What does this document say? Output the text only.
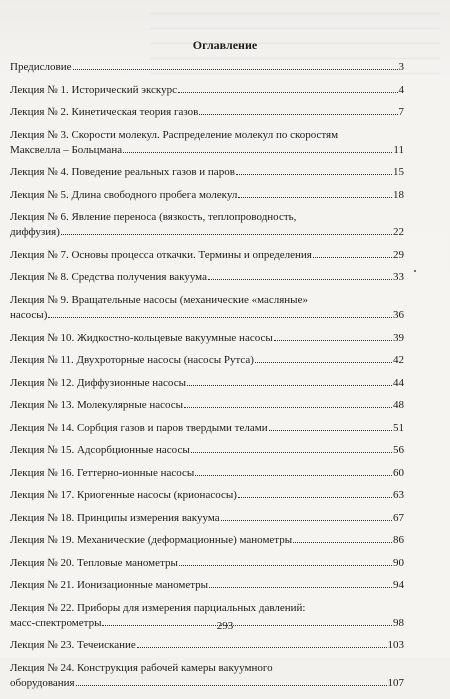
Оглавление
Предисловие	3
Лекция № 1. Исторический экскурс	4
Лекция № 2. Кинетическая теория газов	7
Лекция № 3. Скорости молекул. Распределение молекул по скоростям
Максвелла – Больцмана	11
Лекция № 4. Поведение реальных газов и паров	15
Лекция № 5. Длина свободного пробега молекул	18
Лекция № 6. Явление переноса (вязкость, теплопроводность,
диффузия)	22
Лекция № 7. Основы процесса откачки. Термины и определения	29
Лекция № 8. Средства получения вакуума	33
Лекция № 9. Вращательные насосы (механические «масляные»
насосы)	36
Лекция № 10. Жидкостно-кольцевые вакуумные насосы	39
Лекция № 11. Двухроторные насосы (насосы Рутса)	42
Лекция № 12. Диффузионные насосы	44
Лекция № 13. Молекулярные насосы	48
Лекция № 14. Сорбция газов и паров твердыми телами	51
Лекция № 15. Адсорбционные насосы	56
Лекция № 16. Геттерно-ионные насосы	60
Лекция № 17. Криогенные насосы (крионасосы)	63
Лекция № 18. Принципы измерения вакуума	67
Лекция № 19. Механические (деформационные) манометры	86
Лекция № 20. Тепловые манометры	90
Лекция № 21. Ионизационные манометры	94
Лекция № 22. Приборы для измерения парциальных давлений:
масс-спектрометры	98
Лекция № 23. Течеискание	103
Лекция № 24. Конструкция рабочей камеры вакуумного
оборудования	107
293
